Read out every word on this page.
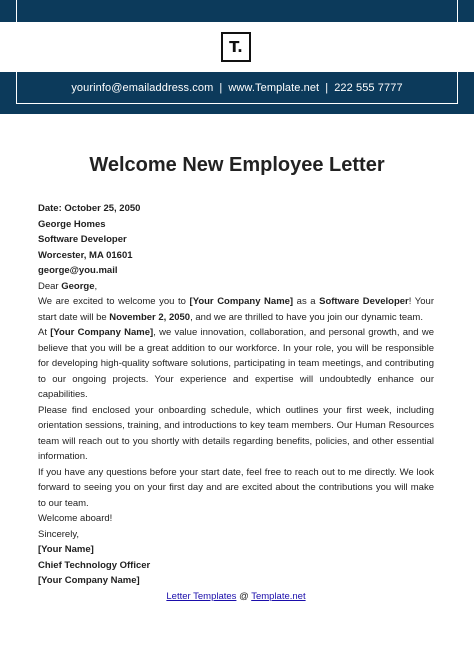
T.
yourinfo@emailaddress.com | www.Template.net | 222 555 7777
Welcome New Employee Letter

Date: October 25, 2050

George Homes

Software Developer

Worcester, MA 01601

george@you.mail

Dear George,

We are excited to welcome you to [Your Company Name] as a Software Developer! Your start date will be November 2, 2050, and we are thrilled to have you join our dynamic team.

At [Your Company Name], we value innovation, collaboration, and personal growth, and we believe that you will be a great addition to our workforce. In your role, you will be responsible for developing high-quality software solutions, participating in team meetings, and contributing to our ongoing projects. Your experience and expertise will undoubtedly enhance our capabilities.

Please find enclosed your onboarding schedule, which outlines your first week, including orientation sessions, training, and introductions to key team members. Our Human Resources team will reach out to you shortly with details regarding benefits, policies, and other essential information.

If you have any questions before your start date, feel free to reach out to me directly. We look forward to seeing you on your first day and are excited about the contributions you will make to our team.

Welcome aboard!

Sincerely,

[Your Name]

Chief Technology Officer

[Your Company Name]

Letter Templates @ Template.net
